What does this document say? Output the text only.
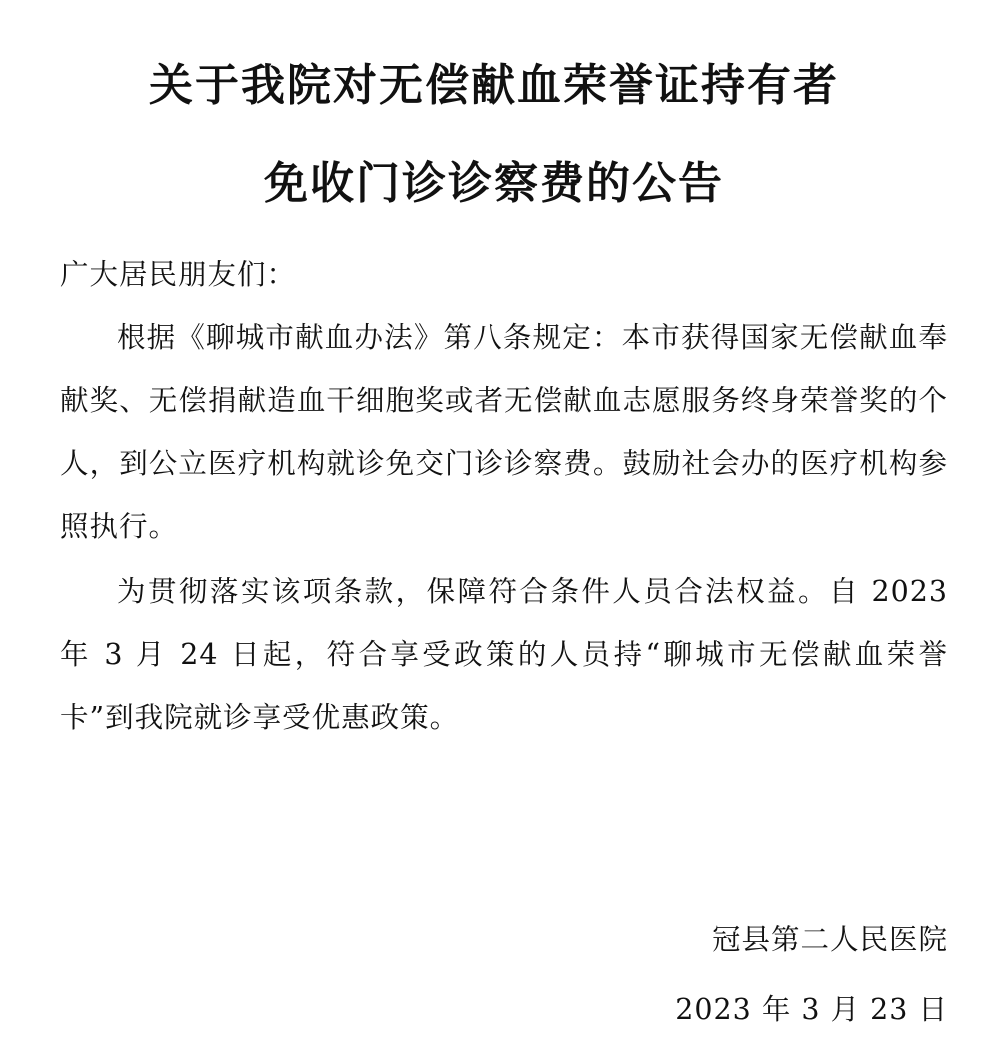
关于我院对无偿献血荣誉证持有者
免收门诊诊察费的公告
广大居民朋友们：

根据《聊城市献血办法》第八条规定：本市获得国家无偿献血奉献奖、无偿捐献造血干细胞奖或者无偿献血志愿服务终身荣誉奖的个人，到公立医疗机构就诊免交门诊诊察费。鼓励社会办的医疗机构参照执行。

为贯彻落实该项条款，保障符合条件人员合法权益。自 2023 年 3 月 24 日起，符合享受政策的人员持“聊城市无偿献血荣誉卡”到我院就诊享受优惠政策。

冠县第二人民医院
2023 年 3 月 23 日
